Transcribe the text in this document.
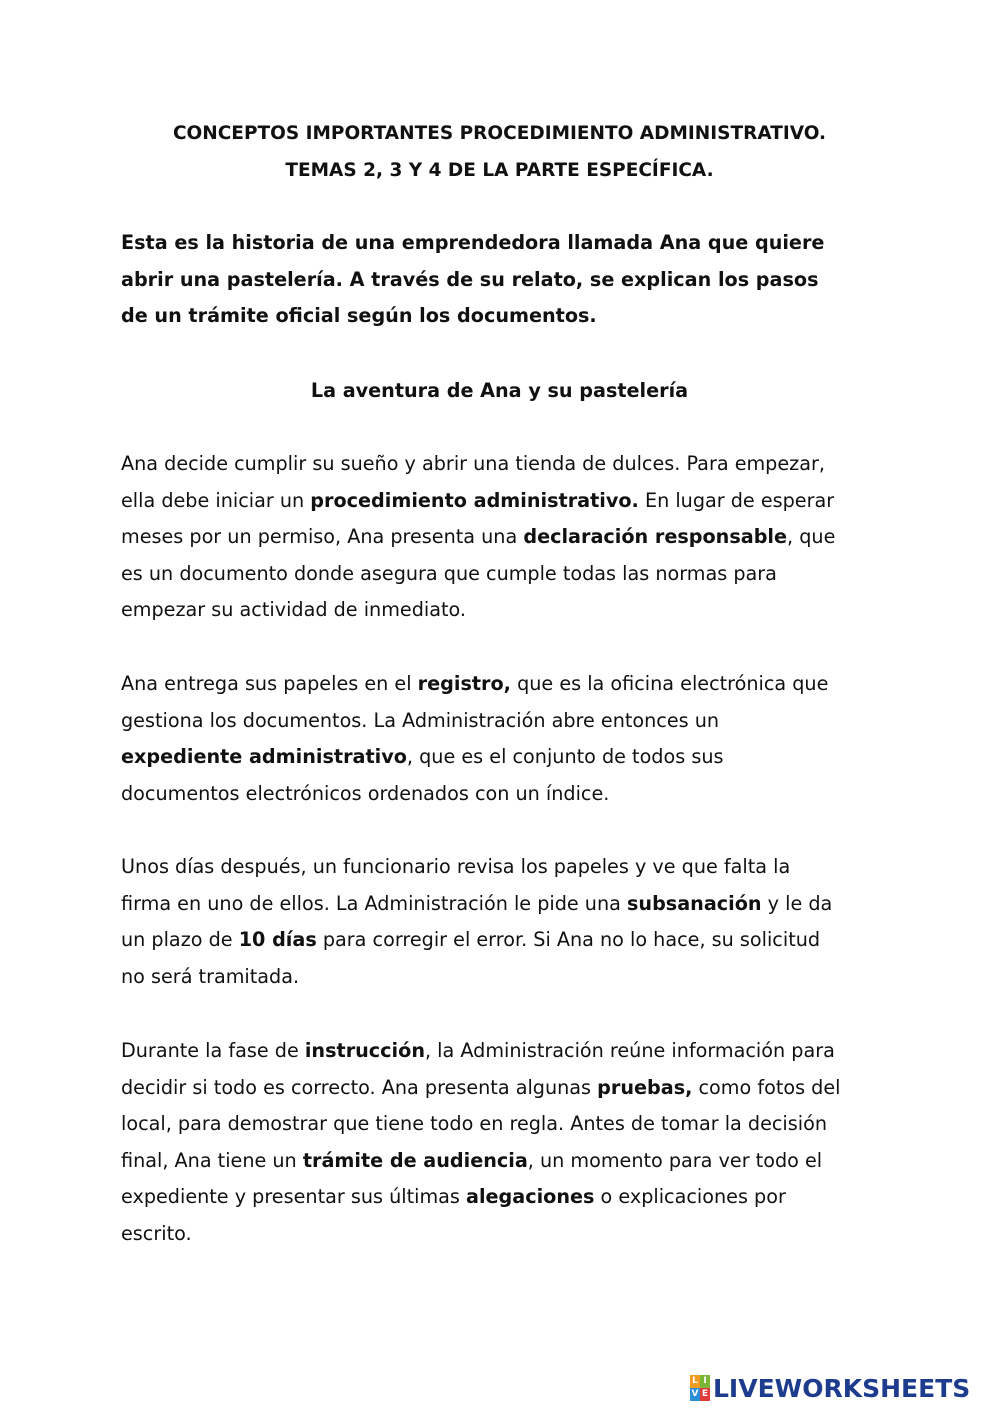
CONCEPTOS IMPORTANTES PROCEDIMIENTO ADMINISTRATIVO.

TEMAS 2, 3 Y 4 DE LA PARTE ESPECÍFICA.

Esta es la historia de una emprendedora llamada Ana que quiere
abrir una pastelería. A través de su relato, se explican los pasos
de un trámite oficial según los documentos.

La aventura de Ana y su pastelería

Ana decide cumplir su sueño y abrir una tienda de dulces. Para empezar,
ella debe iniciar un procedimiento administrativo. En lugar de esperar
meses por un permiso, Ana presenta una declaración responsable, que
es un documento donde asegura que cumple todas las normas para
empezar su actividad de inmediato.
Ana entrega sus papeles en el registro, que es la oficina electrónica que
gestiona los documentos. La Administración abre entonces un
expediente administrativo, que es el conjunto de todos sus
documentos electrónicos ordenados con un índice.
Unos días después, un funcionario revisa los papeles y ve que falta la
firma en uno de ellos. La Administración le pide una subsanación y le da
un plazo de 10 días para corregir el error. Si Ana no lo hace, su solicitud
no será tramitada.
Durante la fase de instrucción, la Administración reúne información para
decidir si todo es correcto. Ana presenta algunas pruebas, como fotos del
local, para demostrar que tiene todo en regla. Antes de tomar la decisión
final, Ana tiene un trámite de audiencia, un momento para ver todo el
expediente y presentar sus últimas alegaciones o explicaciones por
escrito.
L I
V E LIVEWORKSHEETS
